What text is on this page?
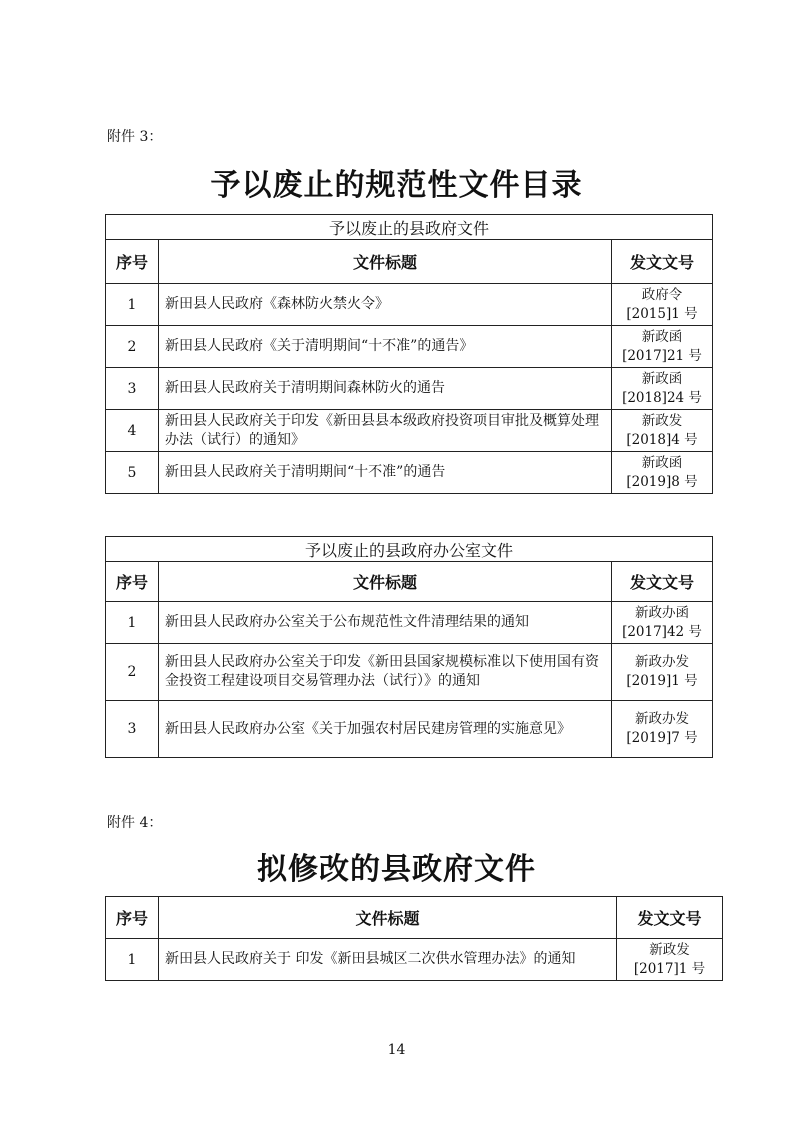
附件 3：
予以废止的规范性文件目录
予以废止的县政府文件		
序号	文件标题	发文文号
1	新田县人民政府《森林防火禁火令》	政府令
[2015]1 号

2	新田县人民政府《关于清明期间“十不准”的通告》	新政函
[2017]21 号

3	新田县人民政府关于清明期间森林防火的通告	新政函
[2018]24 号

4	新田县人民政府关于印发《新田县县本级政府投资项目审批及概算处理办法（试行）的通知》	新政发
[2018]4 号

5	新田县人民政府关于清明期间“十不准”的通告	新政函
[2019]8 号
予以废止的县政府办公室文件		
序号	文件标题	发文文号
1	新田县人民政府办公室关于公布规范性文件清理结果的通知	新政办函
[2017]42 号

2	新田县人民政府办公室关于印发《新田县国家规模标准以下使用国有资金投资工程建设项目交易管理办法（试行）》的通知	新政办发
[2019]1 号

3	新田县人民政府办公室《关于加强农村居民建房管理的实施意见》	新政办发
[2019]7 号
附件 4：
拟修改的县政府文件
序号	文件标题	发文文号
1	新田县人民政府关于 印发《新田县城区二次供水管理办法》的通知	新政发
[2017]1 号
14
